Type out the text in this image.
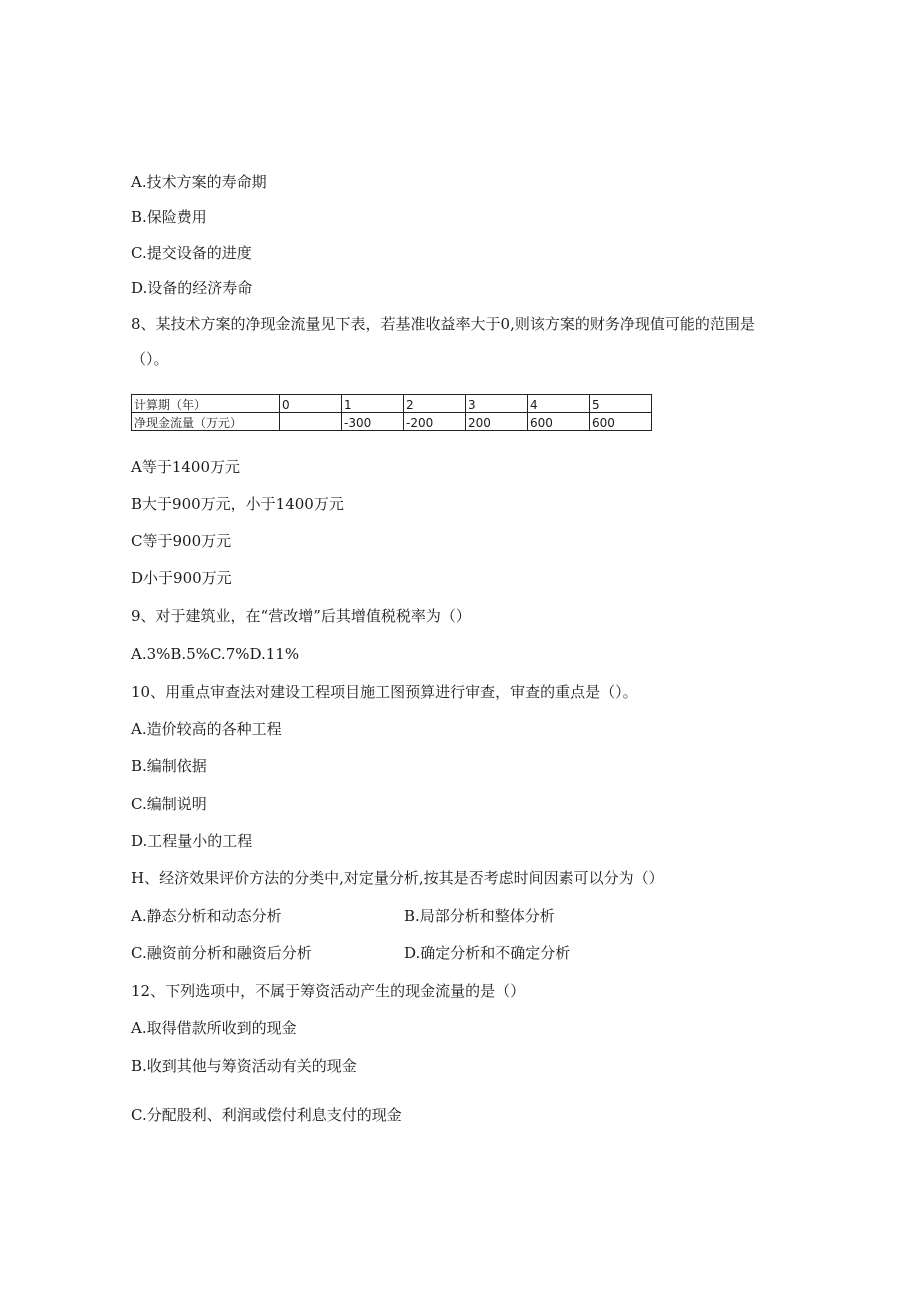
A.技术方案的寿命期
B.保险费用
C.提交设备的进度
D.设备的经济寿命
8、某技术方案的净现金流量见下表，若基准收益率大于0,则该方案的财务净现值可能的范围是
（）。
计算期（年）	0	1	2	3	4	5
净现金流量（万元）		-300	-200	200	600	600
A等于1400万元
B大于900万元，小于1400万元
C等于900万元
D小于900万元
9、对于建筑业，在“营改增”后其增值税税率为（）
A.3%B.5%C.7%D.11%
10、用重点审查法对建设工程项目施工图预算进行审查，审查的重点是（）。
A.造价较高的各种工程
B.编制依据
C.编制说明
D.工程量小的工程
H、经济效果评价方法的分类中,对定量分析,按其是否考虑时间因素可以分为（）
A.静态分析和动态分析	B.局部分析和整体分析
C.融资前分析和融资后分析	D.确定分析和不确定分析
12、下列选项中，不属于筹资活动产生的现金流量的是（）
A.取得借款所收到的现金
B.收到其他与筹资活动有关的现金
C.分配股利、利润或偿付利息支付的现金
